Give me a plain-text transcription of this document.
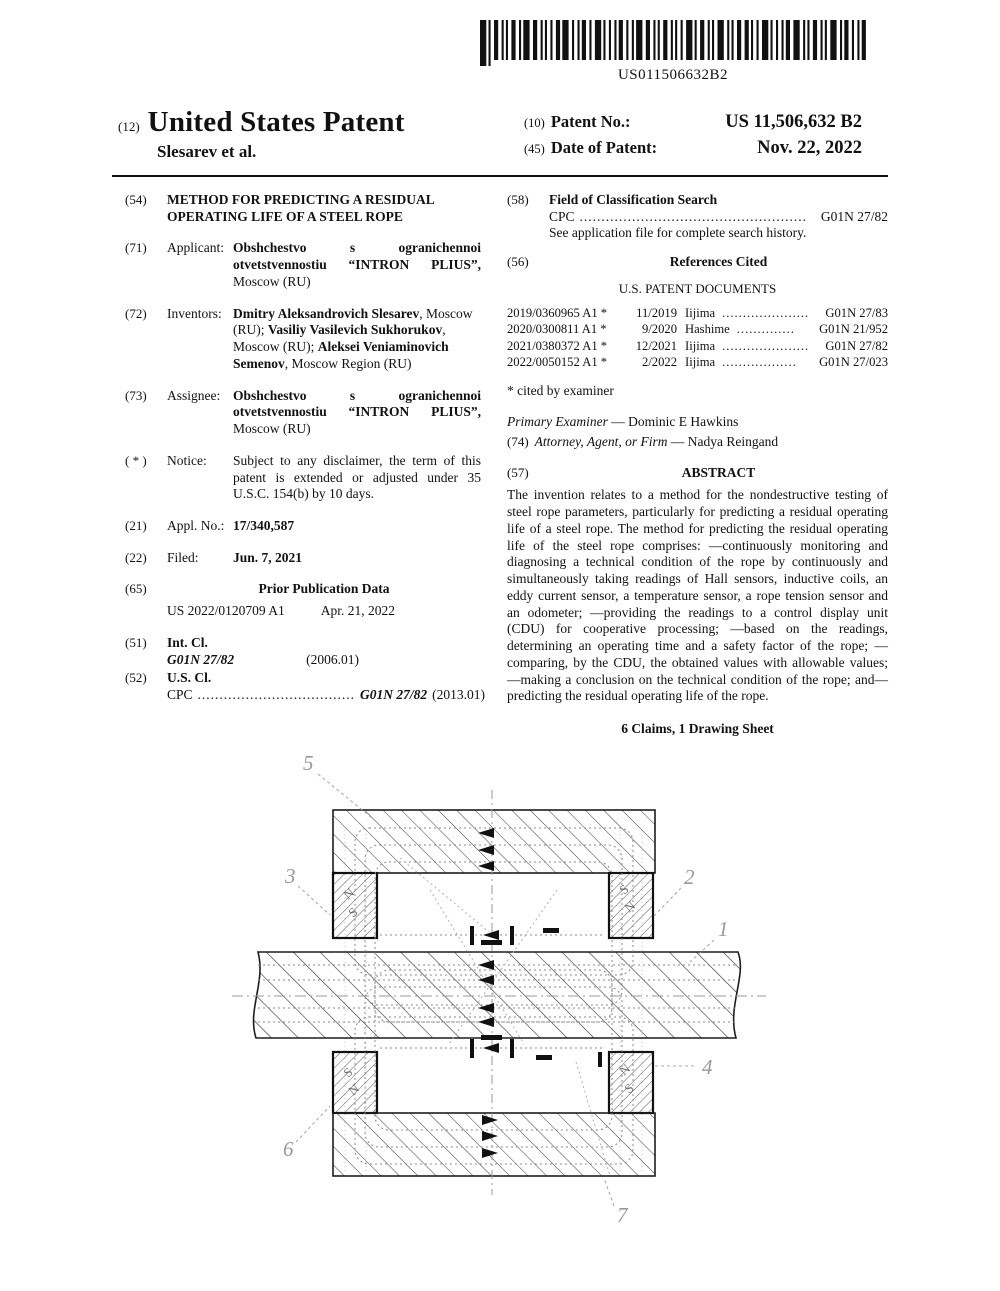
US011506632B2
(12) United States Patent
Slesarev et al.
(10) Patent No.:	US 11,506,632 B2
(45) Date of Patent:	Nov. 22, 2022
(54)	METHOD FOR PREDICTING A RESIDUAL OPERATING LIFE OF A STEEL ROPE
(71)	Applicant: Obshchestvo s ogranichennoi otvetstvennostiu “INTRON PLIUS”, Moscow (RU)
(72)	Inventors: Dmitry Aleksandrovich Slesarev, Moscow (RU); Vasiliy Vasilevich Sukhorukov, Moscow (RU); Aleksei Veniaminovich Semenov, Moscow Region (RU)
(73)	Assignee: Obshchestvo s ogranichennoi otvetstvennostiu “INTRON PLIUS”, Moscow (RU)
( * )	Notice:	Subject to any disclaimer, the term of this patent is extended or adjusted under 35 U.S.C. 154(b) by 10 days.
(21)	Appl. No.: 17/340,587
(22)	Filed:	Jun. 7, 2021
(65)	Prior Publication Data
US 2022/0120709 A1	Apr. 21, 2022
(51)	Int. Cl.
G01N 27/82	(2006.01)
(52)	U.S. Cl.
CPC .................................... G01N 27/82 (2013.01)
(58)	Field of Classification Search
CPC ....................................................	G01N 27/82
See application file for complete search history.
(56)	References Cited
U.S. PATENT DOCUMENTS
2019/0360965 A1 *	11/2019 Iijima .....................	G01N 27/83
2020/0300811 A1 *	9/2020 Hashime ..............	G01N 21/952
2021/0380372 A1 *	12/2021 Iijima .....................	G01N 27/82
2022/0050152 A1 *	2/2022 Iijima ..................	G01N 27/023
* cited by examiner
Primary Examiner — Dominic E Hawkins
(74) Attorney, Agent, or Firm — Nadya Reingand
(57)	ABSTRACT
The invention relates to a method for the nondestructive testing of steel rope parameters, particularly for predicting a residual operating life of a steel rope. The method for predicting the residual operating life of the steel rope comprises: —continuously monitoring and diagnosing a technical condition of the rope by continuously and simultaneously taking readings of Hall sensors, inductive coils, an eddy current sensor, a temperature sensor, a rope tension sensor and an odometer; —providing the readings to a control display unit (CDU) for cooperative processing; —based on the readings, determining an operating time and a safety factor of the rope; —comparing, by the CDU, the obtained values with allowable values; —making a conclusion on the technical condition of the rope; and—predicting the residual operating life of the rope.
6 Claims, 1 Drawing Sheet
N
S
S
N
S
N
N
S
5
3	2
1
4
6
7
